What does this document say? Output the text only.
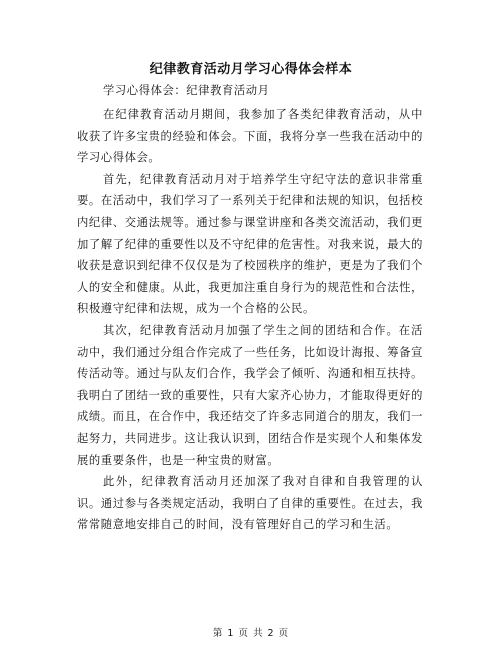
纪律教育活动月学习心得体会样本
学习心得体会：纪律教育活动月

在纪律教育活动月期间，我参加了各类纪律教育活动，从中收获了许多宝贵的经验和体会。下面，我将分享一些我在活动中的学习心得体会。

首先，纪律教育活动月对于培养学生守纪守法的意识非常重要。在活动中，我们学习了一系列关于纪律和法规的知识，包括校内纪律、交通法规等。通过参与课堂讲座和各类交流活动，我们更加了解了纪律的重要性以及不守纪律的危害性。对我来说，最大的收获是意识到纪律不仅仅是为了校园秩序的维护，更是为了我们个人的安全和健康。从此，我更加注重自身行为的规范性和合法性，积极遵守纪律和法规，成为一个合格的公民。

其次，纪律教育活动月加强了学生之间的团结和合作。在活动中，我们通过分组合作完成了一些任务，比如设计海报、筹备宣传活动等。通过与队友们合作，我学会了倾听、沟通和相互扶持。我明白了团结一致的重要性，只有大家齐心协力，才能取得更好的成绩。而且，在合作中，我还结交了许多志同道合的朋友，我们一起努力，共同进步。这让我认识到，团结合作是实现个人和集体发展的重要条件，也是一种宝贵的财富。

此外，纪律教育活动月还加深了我对自律和自我管理的认识。通过参与各类规定活动，我明白了自律的重要性。在过去，我常常随意地安排自己的时间，没有管理好自己的学习和生活。

第 1 页 共 2 页
